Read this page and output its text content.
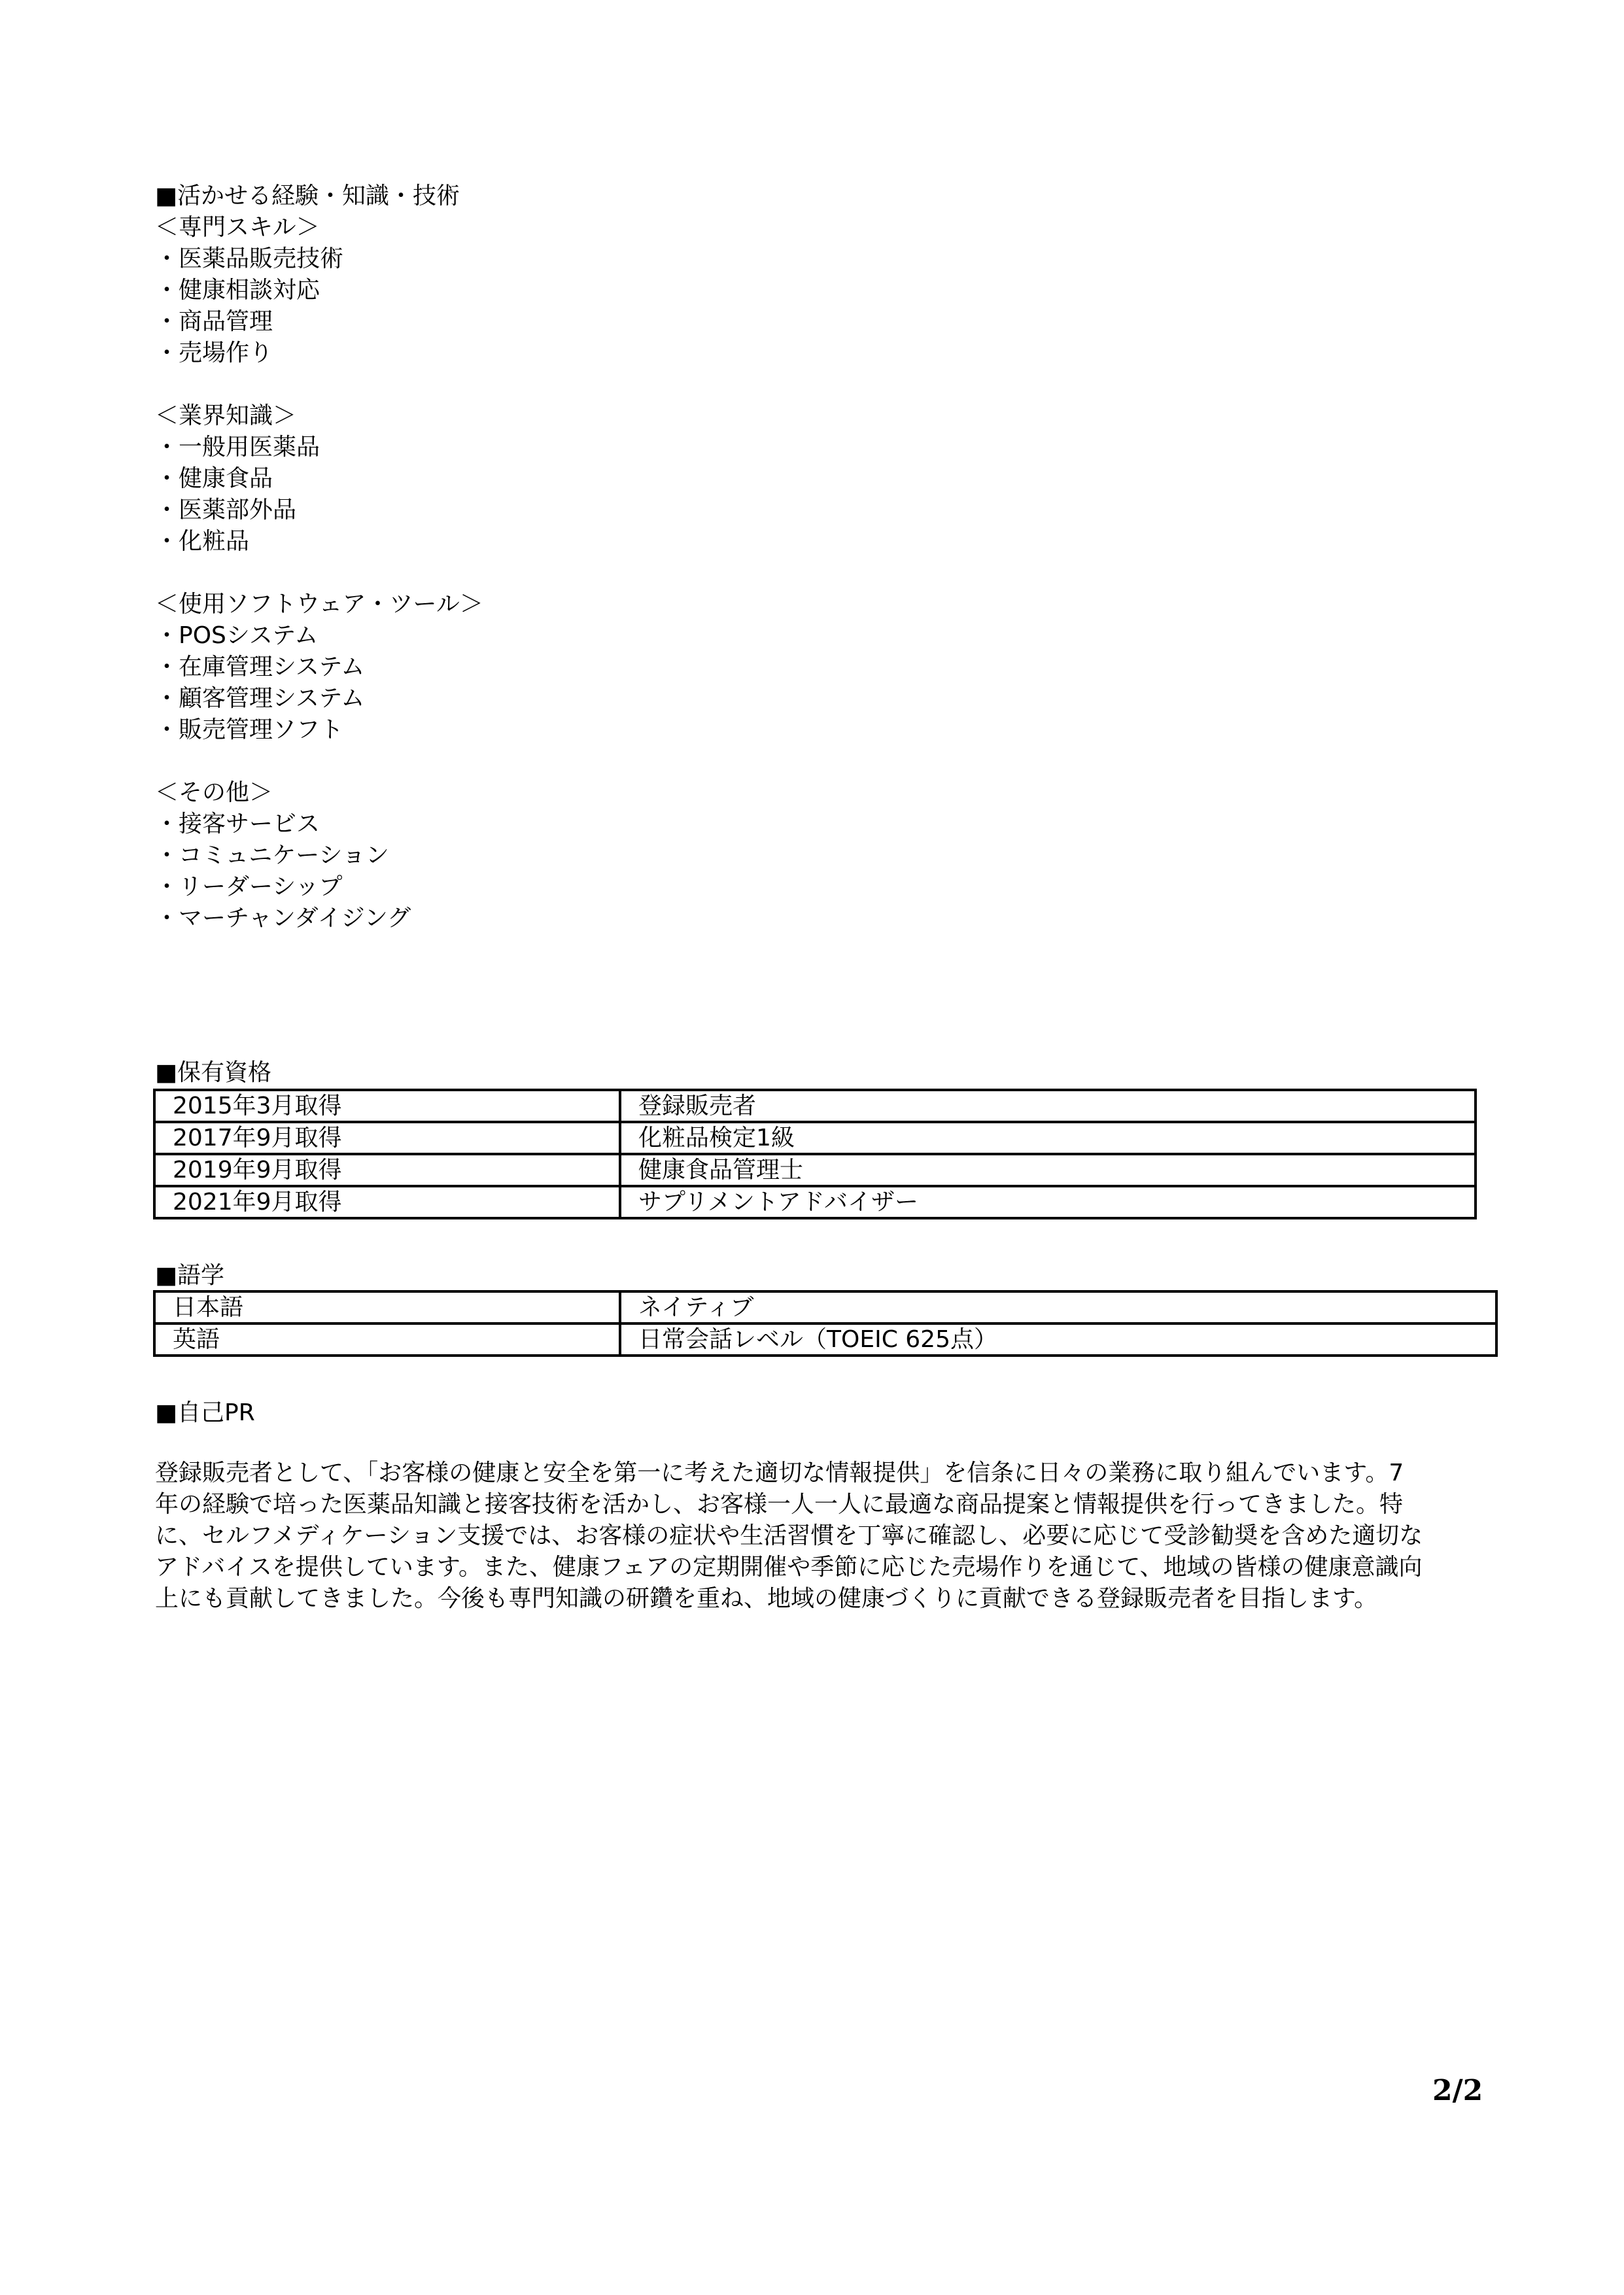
■活かせる経験・知識・技術
＜専門スキル＞
・医薬品販売技術
・健康相談対応
・商品管理
・売場作り
＜業界知識＞
・一般用医薬品
・健康食品
・医薬部外品
・化粧品
＜使用ソフトウェア・ツール＞
・POSシステム
・在庫管理システム
・顧客管理システム
・販売管理ソフト
＜その他＞
・接客サービス
・コミュニケーション
・リーダーシップ
・マーチャンダイジング
■保有資格
2015年3月取得	登録販売者
2017年9月取得	化粧品検定1級
2019年9月取得	健康食品管理士
2021年9月取得	サプリメントアドバイザー
■語学
日本語	ネイティブ
英語	日常会話レベル（TOEIC 625点）
■自己PR
登録販売者として、「お客様の健康と安全を第一に考えた適切な情報提供」を信条に日々の業務に取り組んでいます。7
年の経験で培った医薬品知識と接客技術を活かし、お客様一人一人に最適な商品提案と情報提供を行ってきました。特
に、セルフメディケーション支援では、お客様の症状や生活習慣を丁寧に確認し、必要に応じて受診勧奨を含めた適切な
アドバイスを提供しています。また、健康フェアの定期開催や季節に応じた売場作りを通じて、地域の皆様の健康意識向
上にも貢献してきました。今後も専門知識の研鑽を重ね、地域の健康づくりに貢献できる登録販売者を目指します。
2/2
